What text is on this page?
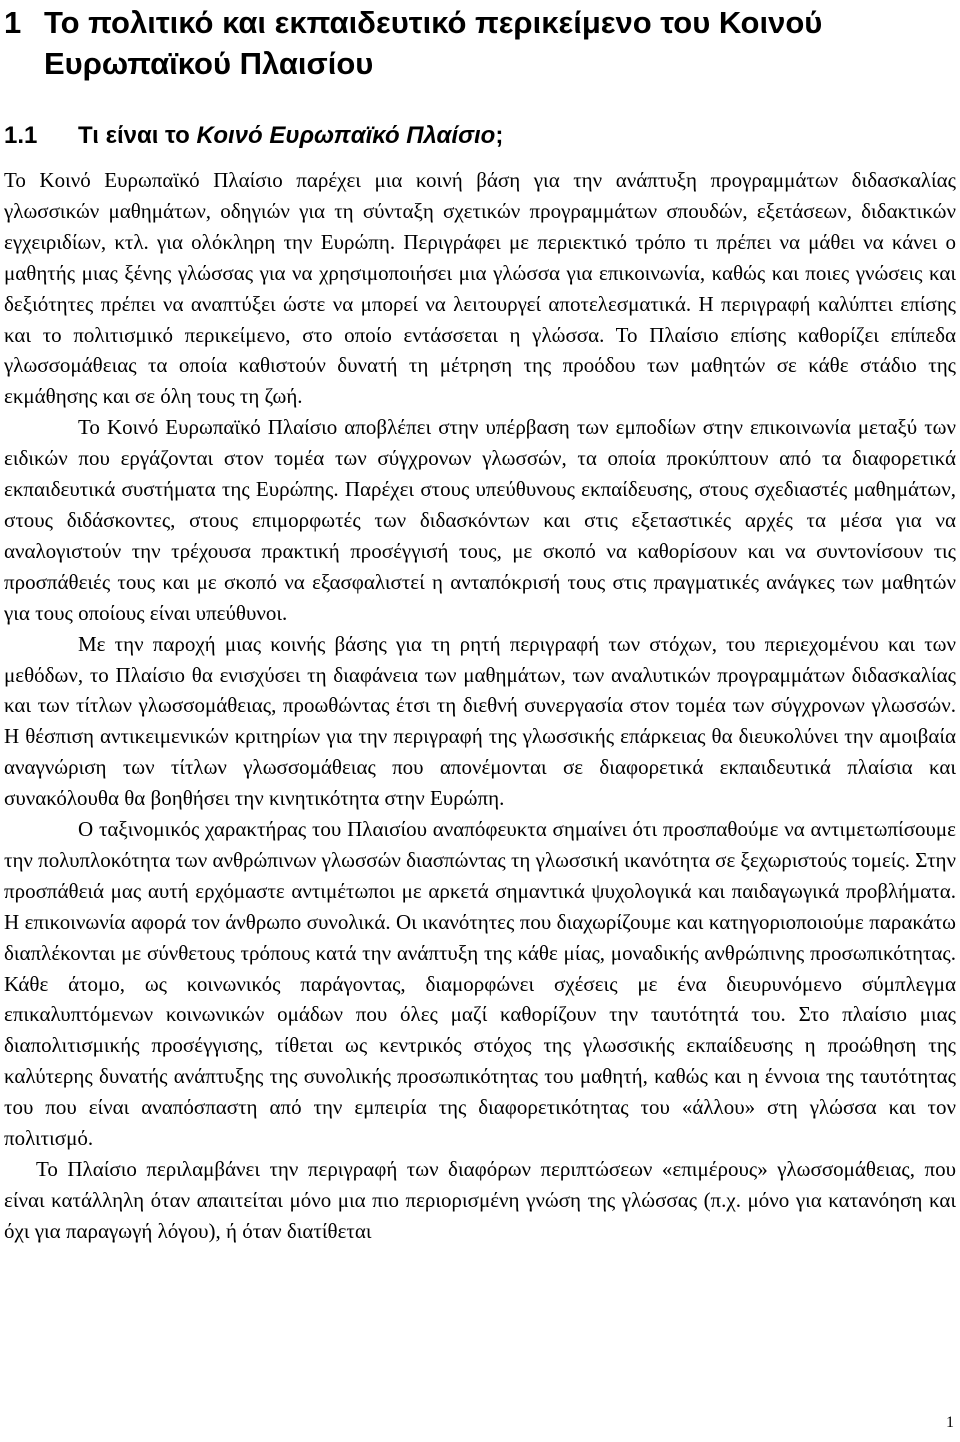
1 Το πολιτικό και εκπαιδευτικό περικείμενο του Κοινού Ευρωπαϊκού Πλαισίου
1.1	Τι είναι το Κοινό Ευρωπαϊκό Πλαίσιο;

Το Κοινό Ευρωπαϊκό Πλαίσιο παρέχει μια κοινή βάση για την ανάπτυξη προγραμμάτων διδασκαλίας γλωσσικών μαθημάτων, οδηγιών για τη σύνταξη σχετικών προγραμμάτων σπουδών, εξετάσεων, διδακτικών εγχειριδίων, κτλ. για ολόκληρη την Ευρώπη. Περιγράφει με περιεκτικό τρόπο τι πρέπει να μάθει να κάνει ο μαθητής μιας ξένης γλώσσας για να χρησιμοποιήσει μια γλώσσα για επικοινωνία, καθώς και ποιες γνώσεις και δεξιότητες πρέπει να αναπτύξει ώστε να μπορεί να λειτουργεί αποτελεσματικά. Η περιγραφή καλύπτει επίσης και το πολιτισμικό περικείμενο, στο οποίο εντάσσεται η γλώσσα. Το Πλαίσιο επίσης καθορίζει επίπεδα γλωσσομάθειας τα οποία καθιστούν δυνατή τη μέτρηση της προόδου των μαθητών σε κάθε στάδιο της εκμάθησης και σε όλη τους τη ζωή.

Το Κοινό Ευρωπαϊκό Πλαίσιο αποβλέπει στην υπέρβαση των εμποδίων στην επικοινωνία μεταξύ των ειδικών που εργάζονται στον τομέα των σύγχρονων γλωσσών, τα οποία προκύπτουν από τα διαφορετικά εκπαιδευτικά συστήματα της Ευρώπης. Παρέχει στους υπεύθυνους εκπαίδευσης, στους σχεδιαστές μαθημάτων, στους διδάσκοντες, στους επιμορφωτές των διδασκόντων και στις εξεταστικές αρχές τα μέσα για να αναλογιστούν την τρέχουσα πρακτική προσέγγισή τους, με σκοπό να καθορίσουν και να συντονίσουν τις προσπάθειές τους και με σκοπό να εξασφαλιστεί η ανταπόκρισή τους στις πραγματικές ανάγκες των μαθητών για τους οποίους είναι υπεύθυνοι.

Με την παροχή μιας κοινής βάσης για τη ρητή περιγραφή των στόχων, του περιεχομένου και των μεθόδων, το Πλαίσιο θα ενισχύσει τη διαφάνεια των μαθημάτων, των αναλυτικών προγραμμάτων διδασκαλίας και των τίτλων γλωσσομάθειας, προωθώντας έτσι τη διεθνή συνεργασία στον τομέα των σύγχρονων γλωσσών. Η θέσπιση αντικειμενικών κριτηρίων για την περιγραφή της γλωσσικής επάρκειας θα διευκολύνει την αμοιβαία αναγνώριση των τίτλων γλωσσομάθειας που απονέμονται σε διαφορετικά εκπαιδευτικά πλαίσια και συνακόλουθα θα βοηθήσει την κινητικότητα στην Ευρώπη.

Ο ταξινομικός χαρακτήρας του Πλαισίου αναπόφευκτα σημαίνει ότι προσπαθούμε να αντιμετωπίσουμε την πολυπλοκότητα των ανθρώπινων γλωσσών διασπώντας τη γλωσσική ικανότητα σε ξεχωριστούς τομείς. Στην προσπάθειά μας αυτή ερχόμαστε αντιμέτωποι με αρκετά σημαντικά ψυχολογικά και παιδαγωγικά προβλήματα. Η επικοινωνία αφορά τον άνθρωπο συνολικά. Οι ικανότητες που διαχωρίζουμε και κατηγοριοποιούμε παρακάτω διαπλέκονται με σύνθετους τρόπους κατά την ανάπτυξη της κάθε μίας, μοναδικής ανθρώπινης προσωπικότητας. Κάθε άτομο, ως κοινωνικός παράγοντας, διαμορφώνει σχέσεις με ένα διευρυνόμενο σύμπλεγμα επικαλυπτόμενων κοινωνικών ομάδων που όλες μαζί καθορίζουν την ταυτότητά του. Στο πλαίσιο μιας διαπολιτισμικής προσέγγισης, τίθεται ως κεντρικός στόχος της γλωσσικής εκπαίδευσης η προώθηση της καλύτερης δυνατής ανάπτυξης της συνολικής προσωπικότητας του μαθητή, καθώς και η έννοια της ταυτότητας του που είναι αναπόσπαστη από την εμπειρία της διαφορετικότητας του «άλλου» στη γλώσσα και τον πολιτισμό.

Το Πλαίσιο περιλαμβάνει την περιγραφή των διαφόρων περιπτώσεων «επιμέρους» γλωσσομάθειας, που είναι κατάλληλη όταν απαιτείται μόνο μια πιο περιορισμένη γνώση της γλώσσας (π.χ. μόνο για κατανόηση και όχι για παραγωγή λόγου), ή όταν διατίθεται

1
